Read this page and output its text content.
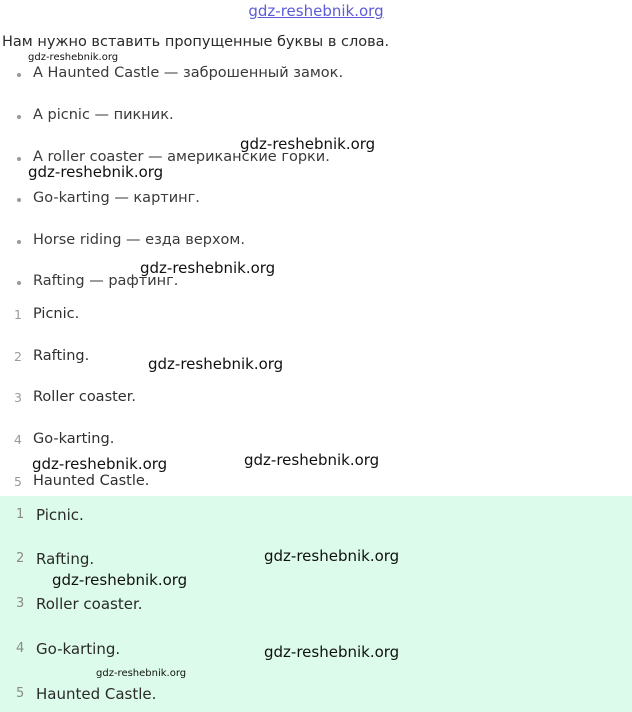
gdz-reshebnik.org
Нам нужно вставить пропущенные буквы в слова.
A Haunted Castle — заброшенный замок.
A picnic — пикник.
A roller coaster — американские горки.
Go-karting — картинг.
Horse riding — езда верхом.
Rafting — рафтинг.
1 Picnic.
2 Rafting.
3 Roller coaster.
4 Go-karting.
5 Haunted Castle.
1 Picnic.
2 Rafting.
3 Roller coaster.
4 Go-karting.
5 Haunted Castle.
gdz-reshebnik.org
gdz-reshebnik.org
gdz-reshebnik.org
gdz-reshebnik.org
gdz-reshebnik.org
gdz-reshebnik.org
gdz-reshebnik.org
gdz-reshebnik.org
gdz-reshebnik.org
gdz-reshebnik.org
gdz-reshebnik.org
